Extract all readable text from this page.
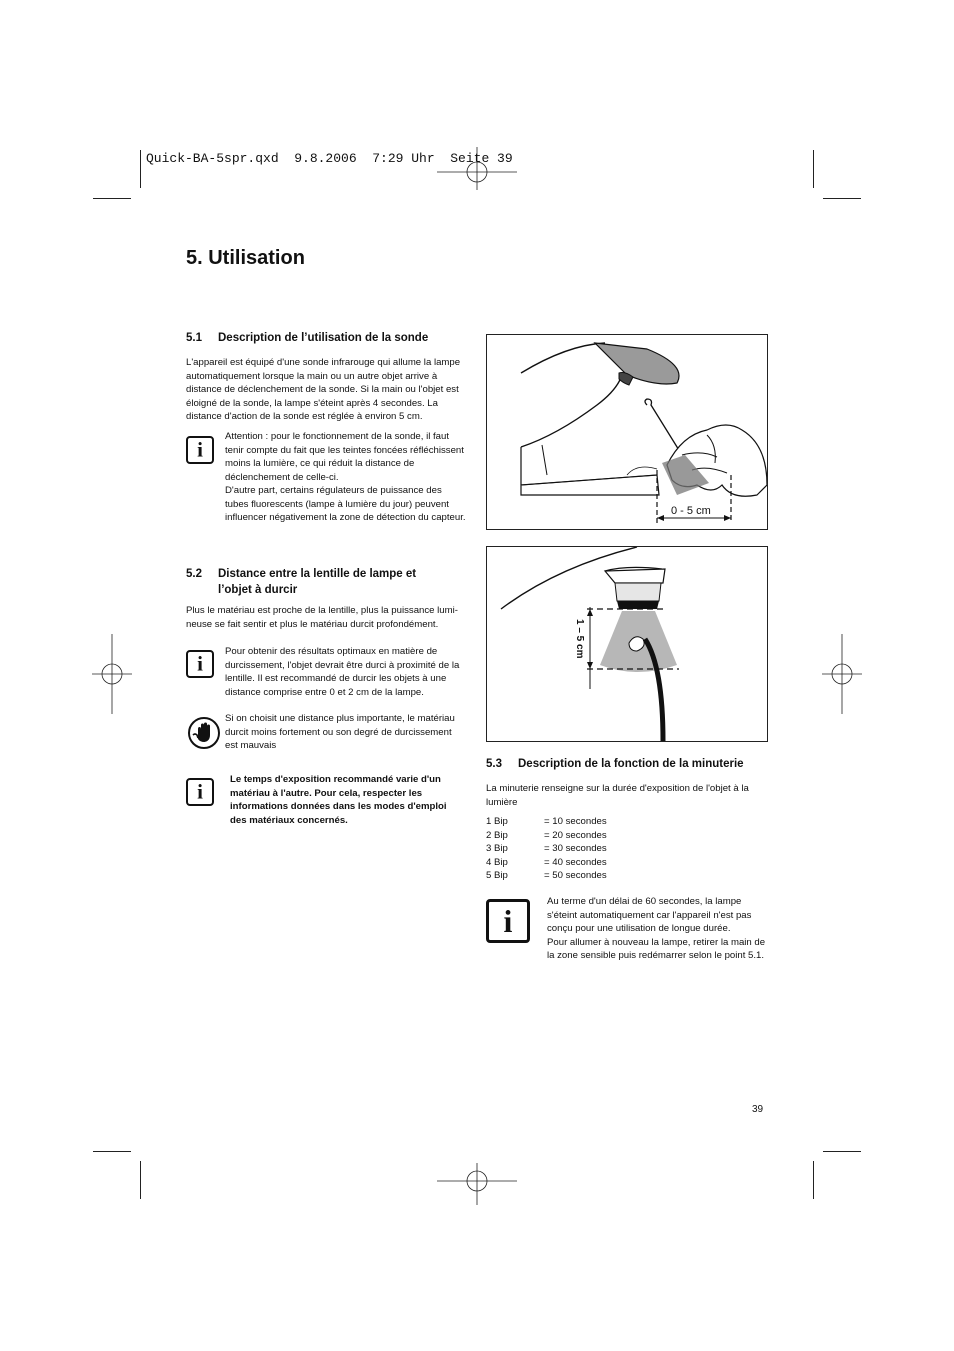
Quick-BA-5spr.qxd  9.8.2006  7:29 Uhr  Seite 39
5. Utilisation
5.1 Description de l’utilisation de la sonde

L'appareil est équipé d'une sonde infrarouge qui allume la lampe

automatiquement lorsque la main ou un autre objet arrive à

distance de déclenchement de la sonde. Si la main ou l'objet est

éloigné de la sonde, la lampe s'éteint après 4 secondes. La

distance d'action de la sonde est réglée à environ 5 cm.

i

Attention : pour le fonctionnement de la sonde, il faut

tenir compte du fait que les teintes foncées réfléchissent

moins la lumière, ce qui réduit la distance de

déclenchement de celle-ci.

D'autre part, certains régulateurs de puissance des

tubes fluorescents (lampe à lumière du jour) peuvent

influencer négativement la zone de détection du capteur.

5.2 Distance entre la lentille de lampe et
l’objet à durcir

Plus le matériau est proche de la lentille, plus la puissance lumi-

neuse se fait sentir et plus le matériau durcit profondément.

i	Pour obtenir des résultats optimaux en matière de

durcissement, l'objet devrait être durci à proximité de la

lentille. Il est recommandé de durcir les objets à une

distance comprise entre 0 et 2 cm de la lampe.

Si on choisit une distance plus importante, le matériau

durcit moins fortement ou son degré de durcissement

est mauvais

i	Le temps d'exposition recommandé varie d'un

matériau à l'autre. Pour cela, respecter les

informations données dans les modes d'emploi

des matériaux concernés.

0 - 5 cm
1 – 5 cm
5.3 Description de la fonction de la minuterie

La minuterie renseigne sur la durée d'exposition de l'objet à la

lumière

1 Bip	= 10 secondes
2 Bip	= 20 secondes
3 Bip	= 30 secondes
4 Bip	= 40 secondes
5 Bip	= 50 secondes
i

Au terme d'un délai de 60 secondes, la lampe

s'éteint automatiquement car l'appareil n'est pas

conçu pour une utilisation de longue durée.

Pour allumer à nouveau la lampe, retirer la main de

la zone sensible puis redémarrer selon le point 5.1.

39
